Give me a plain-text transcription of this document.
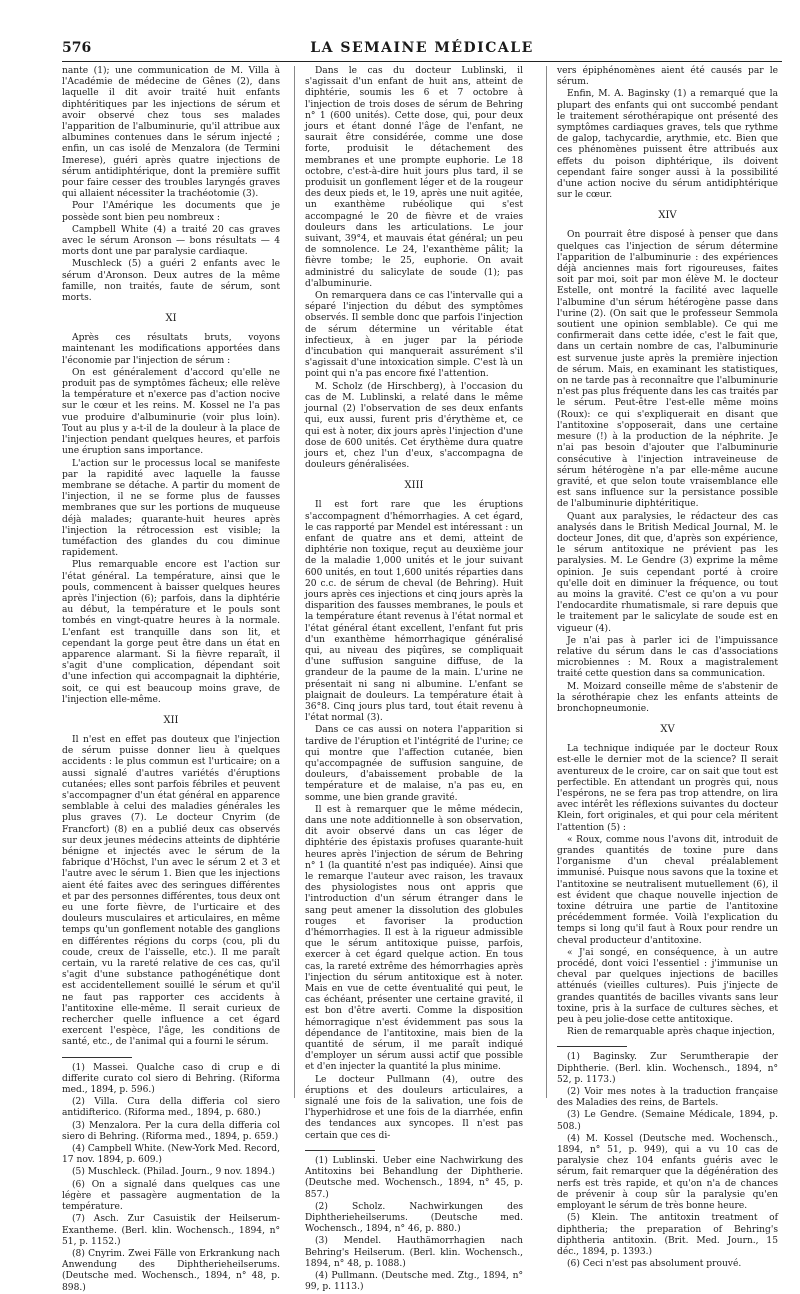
576	LA SEMAINE MÉDICALE

nante (1); une communication de M. Villa à l'Académie de médecine de Gênes (2), dans laquelle il dit avoir traité huit enfants diphtéritiques par les injections de sérum et avoir observé chez tous ses malades l'apparition de l'albuminurie, qu'il attribue aux albumines contenues dans le sérum injecté ; enfin, un cas isolé de Menzalora (de Termini Imerese), guéri après quatre injections de sérum antidiphtérique, dont la première suffit pour faire cesser des troubles laryngés graves qui allaient nécessiter la trachéotomie (3).

Pour l'Amérique les documents que je possède sont bien peu nombreux :

Campbell White (4) a traité 20 cas graves avec le sérum Aronson — bons résultats — 4 morts dont une par paralysie cardiaque.

Muschleck (5) a guéri 2 enfants avec le sérum d'Aronson. Deux autres de la même famille, non traités, faute de sérum, sont morts.

XI

Après ces résultats bruts, voyons maintenant les modifications apportées dans l'économie par l'injection de sérum :

On est généralement d'accord qu'elle ne produit pas de symptômes fâcheux; elle relève la température et n'exerce pas d'action nocive sur le cœur et les reins. M. Kossel ne l'a pas vue produire d'albuminurie (voir plus loin). Tout au plus y a-t-il de la douleur à la place de l'injection pendant quelques heures, et parfois une éruption sans importance.

L'action sur le processus local se manifeste par la rapidité avec laquelle la fausse membrane se détache. A partir du moment de l'injection, il ne se forme plus de fausses membranes que sur les portions de muqueuse déjà malades; quarante-huit heures après l'injection la rétrocession est visible; la tuméfaction des glandes du cou diminue rapidement.

Plus remarquable encore est l'action sur l'état général. La température, ainsi que le pouls, commencent à baisser quelques heures après l'injection (6); parfois, dans la diphtérie au début, la température et le pouls sont tombés en vingt-quatre heures à la normale. L'enfant est tranquille dans son lit, et cependant la gorge peut être dans un état en apparence alarmant. Si la fièvre reparaît, il s'agit d'une complication, dépendant soit d'une infection qui accompagnait la diphtérie, soit, ce qui est beaucoup moins grave, de l'injection elle-même.

XII

Il n'est en effet pas douteux que l'injection de sérum puisse donner lieu à quelques accidents : le plus commun est l'urticaire; on a aussi signalé d'autres variétés d'éruptions cutanées; elles sont parfois fébriles et peuvent s'accompagner d'un état général en apparence semblable à celui des maladies générales les plus graves (7). Le docteur Cnyrim (de Francfort) (8) en a publié deux cas observés sur deux jeunes médecins atteints de diphtérie bénigne et injectés avec le sérum de la fabrique d'Höchst, l'un avec le sérum 2 et 3 et l'autre avec le sérum 1. Bien que les injections aient été faites avec des seringues différentes et par des personnes différentes, tous deux ont eu une forte fièvre, de l'urticaire et des douleurs musculaires et articulaires, en même temps qu'un gonflement notable des ganglions en différentes régions du corps (cou, pli du coude, creux de l'aisselle, etc.). Il me paraît certain, vu la rareté relative de ces cas, qu'il s'agit d'une substance pathogénétique dont est accidentellement souillé le sérum et qu'il ne faut pas rapporter ces accidents à l'antitoxine elle-même. Il serait curieux de rechercher quelle influence a cet égard exercent l'espèce, l'âge, les conditions de santé, etc., de l'animal qui a fourni le sérum.

(1) Massei. Qualche caso di crup e di differite curato col siero di Behring. (Riforma med., 1894, p. 596.)

(2) Villa. Cura della differia col siero antidifterico. (Riforma med., 1894, p. 680.)

(3) Menzalora. Per la cura della differia col siero di Behring. (Riforma med., 1894, p. 659.)

(4) Campbell White. (New-York Med. Record, 17 nov. 1894, p. 609.)

(5) Muschleck. (Philad. Journ., 9 nov. 1894.)

(6) On a signalé dans quelques cas une légère et passagère augmentation de la température.

(7) Asch. Zur Casuistik der Heilserum-Exantheme. (Berl. klin. Wochensch., 1894, n° 51, p. 1152.)

(8) Cnyrim. Zwei Fälle von Erkrankung nach Anwendung des Diphtherieheilserums. (Deutsche med. Wochensch., 1894, n° 48, p. 898.)

Dans le cas du docteur Lublinski, il s'agissait d'un enfant de huit ans, atteint de diphtérie, soumis les 6 et 7 octobre à l'injection de trois doses de sérum de Behring n° 1 (600 unités). Cette dose, qui, pour deux jours et étant donné l'âge de l'enfant, ne saurait être considérée, comme une dose forte, produisit le détachement des membranes et une prompte euphorie. Le 18 octobre, c'est-à-dire huit jours plus tard, il se produisit un gonflement léger et de la rougeur des deux pieds et, le 19, après une nuit agitée, un exanthème rubéolique qui s'est accompagné le 20 de fièvre et de vraies douleurs dans les articulations. Le jour suivant, 39°4, et mauvais état général; un peu de somnolence. Le 24, l'exanthème pâlit; la fièvre tombe; le 25, euphorie. On avait administré du salicylate de soude (1); pas d'albuminurie.

On remarquera dans ce cas l'intervalle qui a séparé l'injection du début des symptômes observés. Il semble donc que parfois l'injection de sérum détermine un véritable état infectieux, à en juger par la période d'incubation qui manquerait assurément s'il s'agissait d'une intoxication simple. C'est là un point qui n'a pas encore fixé l'attention.

M. Scholz (de Hirschberg), à l'occasion du cas de M. Lublinski, a relaté dans le même journal (2) l'observation de ses deux enfants qui, eux aussi, furent pris d'érythème et, ce qui est à noter, dix jours après l'injection d'une dose de 600 unités. Cet érythème dura quatre jours et, chez l'un d'eux, s'accompagna de douleurs généralisées.

XIII

Il est fort rare que les éruptions s'accompagnent d'hémorrhagies. A cet égard, le cas rapporté par Mendel est intéressant : un enfant de quatre ans et demi, atteint de diphtérie non toxique, reçut au deuxième jour de la maladie 1,000 unités et le jour suivant 600 unités, en tout 1,600 unités réparties dans 20 c.c. de sérum de cheval (de Behring). Huit jours après ces injections et cinq jours après la disparition des fausses membranes, le pouls et la température étant revenus à l'état normal et l'état général étant excellent, l'enfant fut pris d'un exanthème hémorrhagique généralisé qui, au niveau des piqûres, se compliquait d'une suffusion sanguine diffuse, de la grandeur de la paume de la main. L'urine ne présentait ni sang ni albumine. L'enfant se plaignait de douleurs. La température était à 36°8. Cinq jours plus tard, tout était revenu à l'état normal (3).

Dans ce cas aussi on notera l'apparition si tardive de l'éruption et l'intégrité de l'urine; ce qui montre que l'affection cutanée, bien qu'accompagnée de suffusion sanguine, de douleurs, d'abaissement probable de la température et de malaise, n'a pas eu, en somme, une bien grande gravité.

Il est à remarquer que le même médecin, dans une note additionnelle à son observation, dit avoir observé dans un cas léger de diphtérie des épistaxis profuses quarante-huit heures après l'injection de sérum de Behring n° 1 (la quantité n'est pas indiquée). Ainsi que le remarque l'auteur avec raison, les travaux des physiologistes nous ont appris que l'introduction d'un sérum étranger dans le sang peut amener la dissolution des globules rouges et favoriser la production d'hémorrhagies. Il est à la rigueur admissible que le sérum antitoxique puisse, parfois, exercer à cet égard quelque action. En tous cas, la rareté extrême des hémorrhagies après l'injection du sérum antitoxique est à noter. Mais en vue de cette éventualité qui peut, le cas échéant, présenter une certaine gravité, il est bon d'être averti. Comme la disposition hémorragique n'est évidemment pas sous la dépendance de l'antitoxine, mais bien de la quantité de sérum, il me paraît indiqué d'employer un sérum aussi actif que possible et d'en injecter la quantité la plus minime.

Le docteur Pullmann (4), outre des éruptions et des douleurs articulaires, a signalé une fois de la salivation, une fois de l'hyperhidrose et une fois de la diarrhée, enfin des tendances aux syncopes. Il n'est pas certain que ces di-

(1) Lublinski. Ueber eine Nachwirkung des Antitoxins bei Behandlung der Diphtherie. (Deutsche med. Wochensch., 1894, n° 45, p. 857.)

(2) Scholz. Nachwirkungen des Diphtherieheilserums. (Deutsche med. Wochensch., 1894, n° 46, p. 880.)

(3) Mendel. Hauthämorrhagien nach Behring's Heilserum. (Berl. klin. Wochensch., 1894, n° 48, p. 1088.)

(4) Pullmann. (Deutsche med. Ztg., 1894, n° 99, p. 1113.)

vers épiphénomènes aient été causés par le sérum.

Enfin, M. A. Baginsky (1) a remarqué que la plupart des enfants qui ont succombé pendant le traitement sérothérapique ont présenté des symptômes cardiaques graves, tels que rythme de galop, tachycardie, arythmie, etc. Bien que ces phénomènes puissent être attribués aux effets du poison diphtérique, ils doivent cependant faire songer aussi à la possibilité d'une action nocive du sérum antidiphtérique sur le cœur.

XIV

On pourrait être disposé à penser que dans quelques cas l'injection de sérum détermine l'apparition de l'albuminurie : des expériences déjà anciennes mais fort rigoureuses, faites soit par moi, soit par mon élève M. le docteur Estelle, ont montré la facilité avec laquelle l'albumine d'un sérum hétérogène passe dans l'urine (2). (On sait que le professeur Semmola soutient une opinion semblable). Ce qui me confirmerait dans cette idée, c'est le fait que, dans un certain nombre de cas, l'albuminurie est survenue juste après la première injection de sérum. Mais, en examinant les statistiques, on ne tarde pas à reconnaître que l'albuminurie n'est pas plus fréquente dans les cas traités par le sérum. Peut-être l'est-elle même moins (Roux): ce qui s'expliquerait en disant que l'antitoxine s'opposerait, dans une certaine mesure (!) à la production de la néphrite. Je n'ai pas besoin d'ajouter que l'albuminurie consécutive à l'injection intraveineuse de sérum hétérogène n'a par elle-même aucune gravité, et que selon toute vraisemblance elle est sans influence sur la persistance possible de l'albuminurie diphtéritique.

Quant aux paralysies, le rédacteur des cas analysés dans le British Medical Journal, M. le docteur Jones, dit que, d'après son expérience, le sérum antitoxique ne prévient pas les paralysies. M. Le Gendre (3) exprime la même opinion. Je suis cependant porté à croire qu'elle doit en diminuer la fréquence, ou tout au moins la gravité. C'est ce qu'on a vu pour l'endocardite rhumatismale, si rare depuis que le traitement par le salicylate de soude est en vigueur (4).

Je n'ai pas à parler ici de l'impuissance relative du sérum dans le cas d'associations microbiennes : M. Roux a magistralement traité cette question dans sa communication.

M. Moizard conseille même de s'abstenir de la sérothérapie chez les enfants atteints de bronchopneumonie.

XV

La technique indiquée par le docteur Roux est-elle le dernier mot de la science? Il serait aventureux de le croire, car on sait que tout est perfectible. En attendant un progrès qui, nous l'espérons, ne se fera pas trop attendre, on lira avec intérêt les réflexions suivantes du docteur Klein, fort originales, et qui pour cela méritent l'attention (5) :

« Roux, comme nous l'avons dit, introduit de grandes quantités de toxine pure dans l'organisme d'un cheval préalablement immunisé. Puisque nous savons que la toxine et l'antitoxine se neutralisent mutuellement (6), il est évident que chaque nouvelle injection de toxine détruira une partie de l'antitoxine précédemment formée. Voilà l'explication du temps si long qu'il faut à Roux pour rendre un cheval producteur d'antitoxine.

« J'ai songé, en conséquence, à un autre procédé, dont voici l'essentiel : j'immunise un cheval par quelques injections de bacilles atténués (vieilles cultures). Puis j'injecte de grandes quantités de bacilles vivants sans leur toxine, pris à la surface de cultures sèches, et peu à peu jolie-dose cette antitoxique.

Rien de remarquable après chaque injection,

(1) Baginsky. Zur Serumtherapie der Diphtherie. (Berl. klin. Wochensch., 1894, n° 52, p. 1173.)

(2) Voir mes notes à la traduction française des Maladies des reins, de Bartels.

(3) Le Gendre. (Semaine Médicale, 1894, p. 508.)

(4) M. Kossel (Deutsche med. Wochensch., 1894, n° 51, p. 949), qui a vu 10 cas de paralysie chez 104 enfants guéris avec le sérum, fait remarquer que la dégénération des nerfs est très rapide, et qu'on n'a de chances de prévenir à coup sûr la paralysie qu'en employant le sérum de très bonne heure.

(5) Klein. The antitoxin treatment of diphtheria; the preparation of Behring's diphtheria antitoxin. (Brit. Med. Journ., 15 déc., 1894, p. 1393.)

(6) Ceci n'est pas absolument prouvé.
